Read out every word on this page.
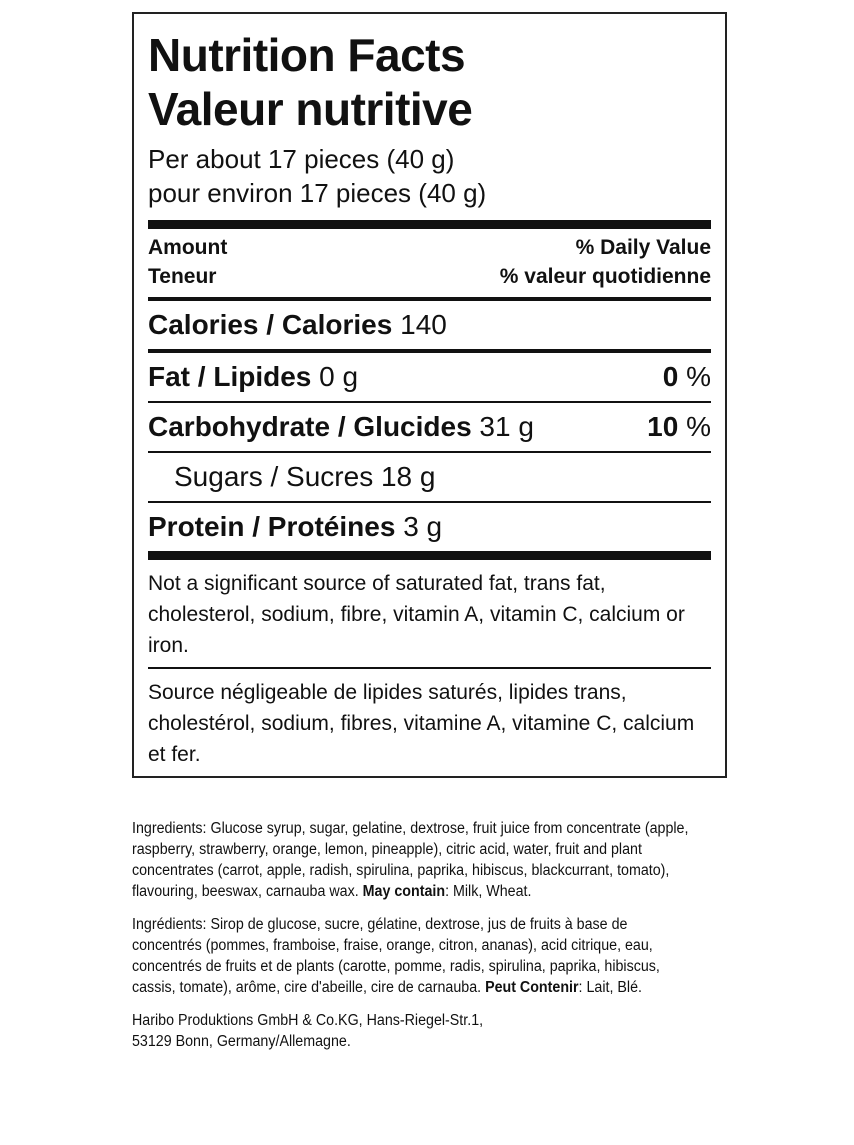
Nutrition Facts
Valeur nutritive
Per about 17 pieces (40 g)
pour environ 17 pieces (40 g)
Amount	% Daily Value
Teneur	% valeur quotidienne
Calories / Calories 140
Fat / Lipides 0 g	0 %
Carbohydrate / Glucides 31 g	10 %
Sugars / Sucres 18 g
Protein / Protéines 3 g
Not a significant source of saturated fat, trans fat, cholesterol, sodium, fibre, vitamin A, vitamin C, calcium or iron.
Source négligeable de lipides saturés, lipides trans, cholestérol, sodium, fibres, vitamine A, vitamine C, calcium et fer.

Ingredients: Glucose syrup, sugar, gelatine, dextrose, fruit juice from concentrate (apple, raspberry, strawberry, orange, lemon, pineapple), citric acid, water, fruit and plant concentrates (carrot, apple, radish, spirulina, paprika, hibiscus, blackcurrant, tomato), flavouring, beeswax, carnauba wax. May contain: Milk, Wheat.

Ingrédients: Sirop de glucose, sucre, gélatine, dextrose, jus de fruits à base de concentrés (pommes, framboise, fraise, orange, citron, ananas), acid citrique, eau, concentrés de fruits et de plants (carotte, pomme, radis, spirulina, paprika, hibiscus, cassis, tomate), arôme, cire d'abeille, cire de carnauba. Peut Contenir: Lait, Blé.

Haribo Produktions GmbH & Co.KG, Hans-Riegel-Str.1,
53129 Bonn, Germany/Allemagne.
